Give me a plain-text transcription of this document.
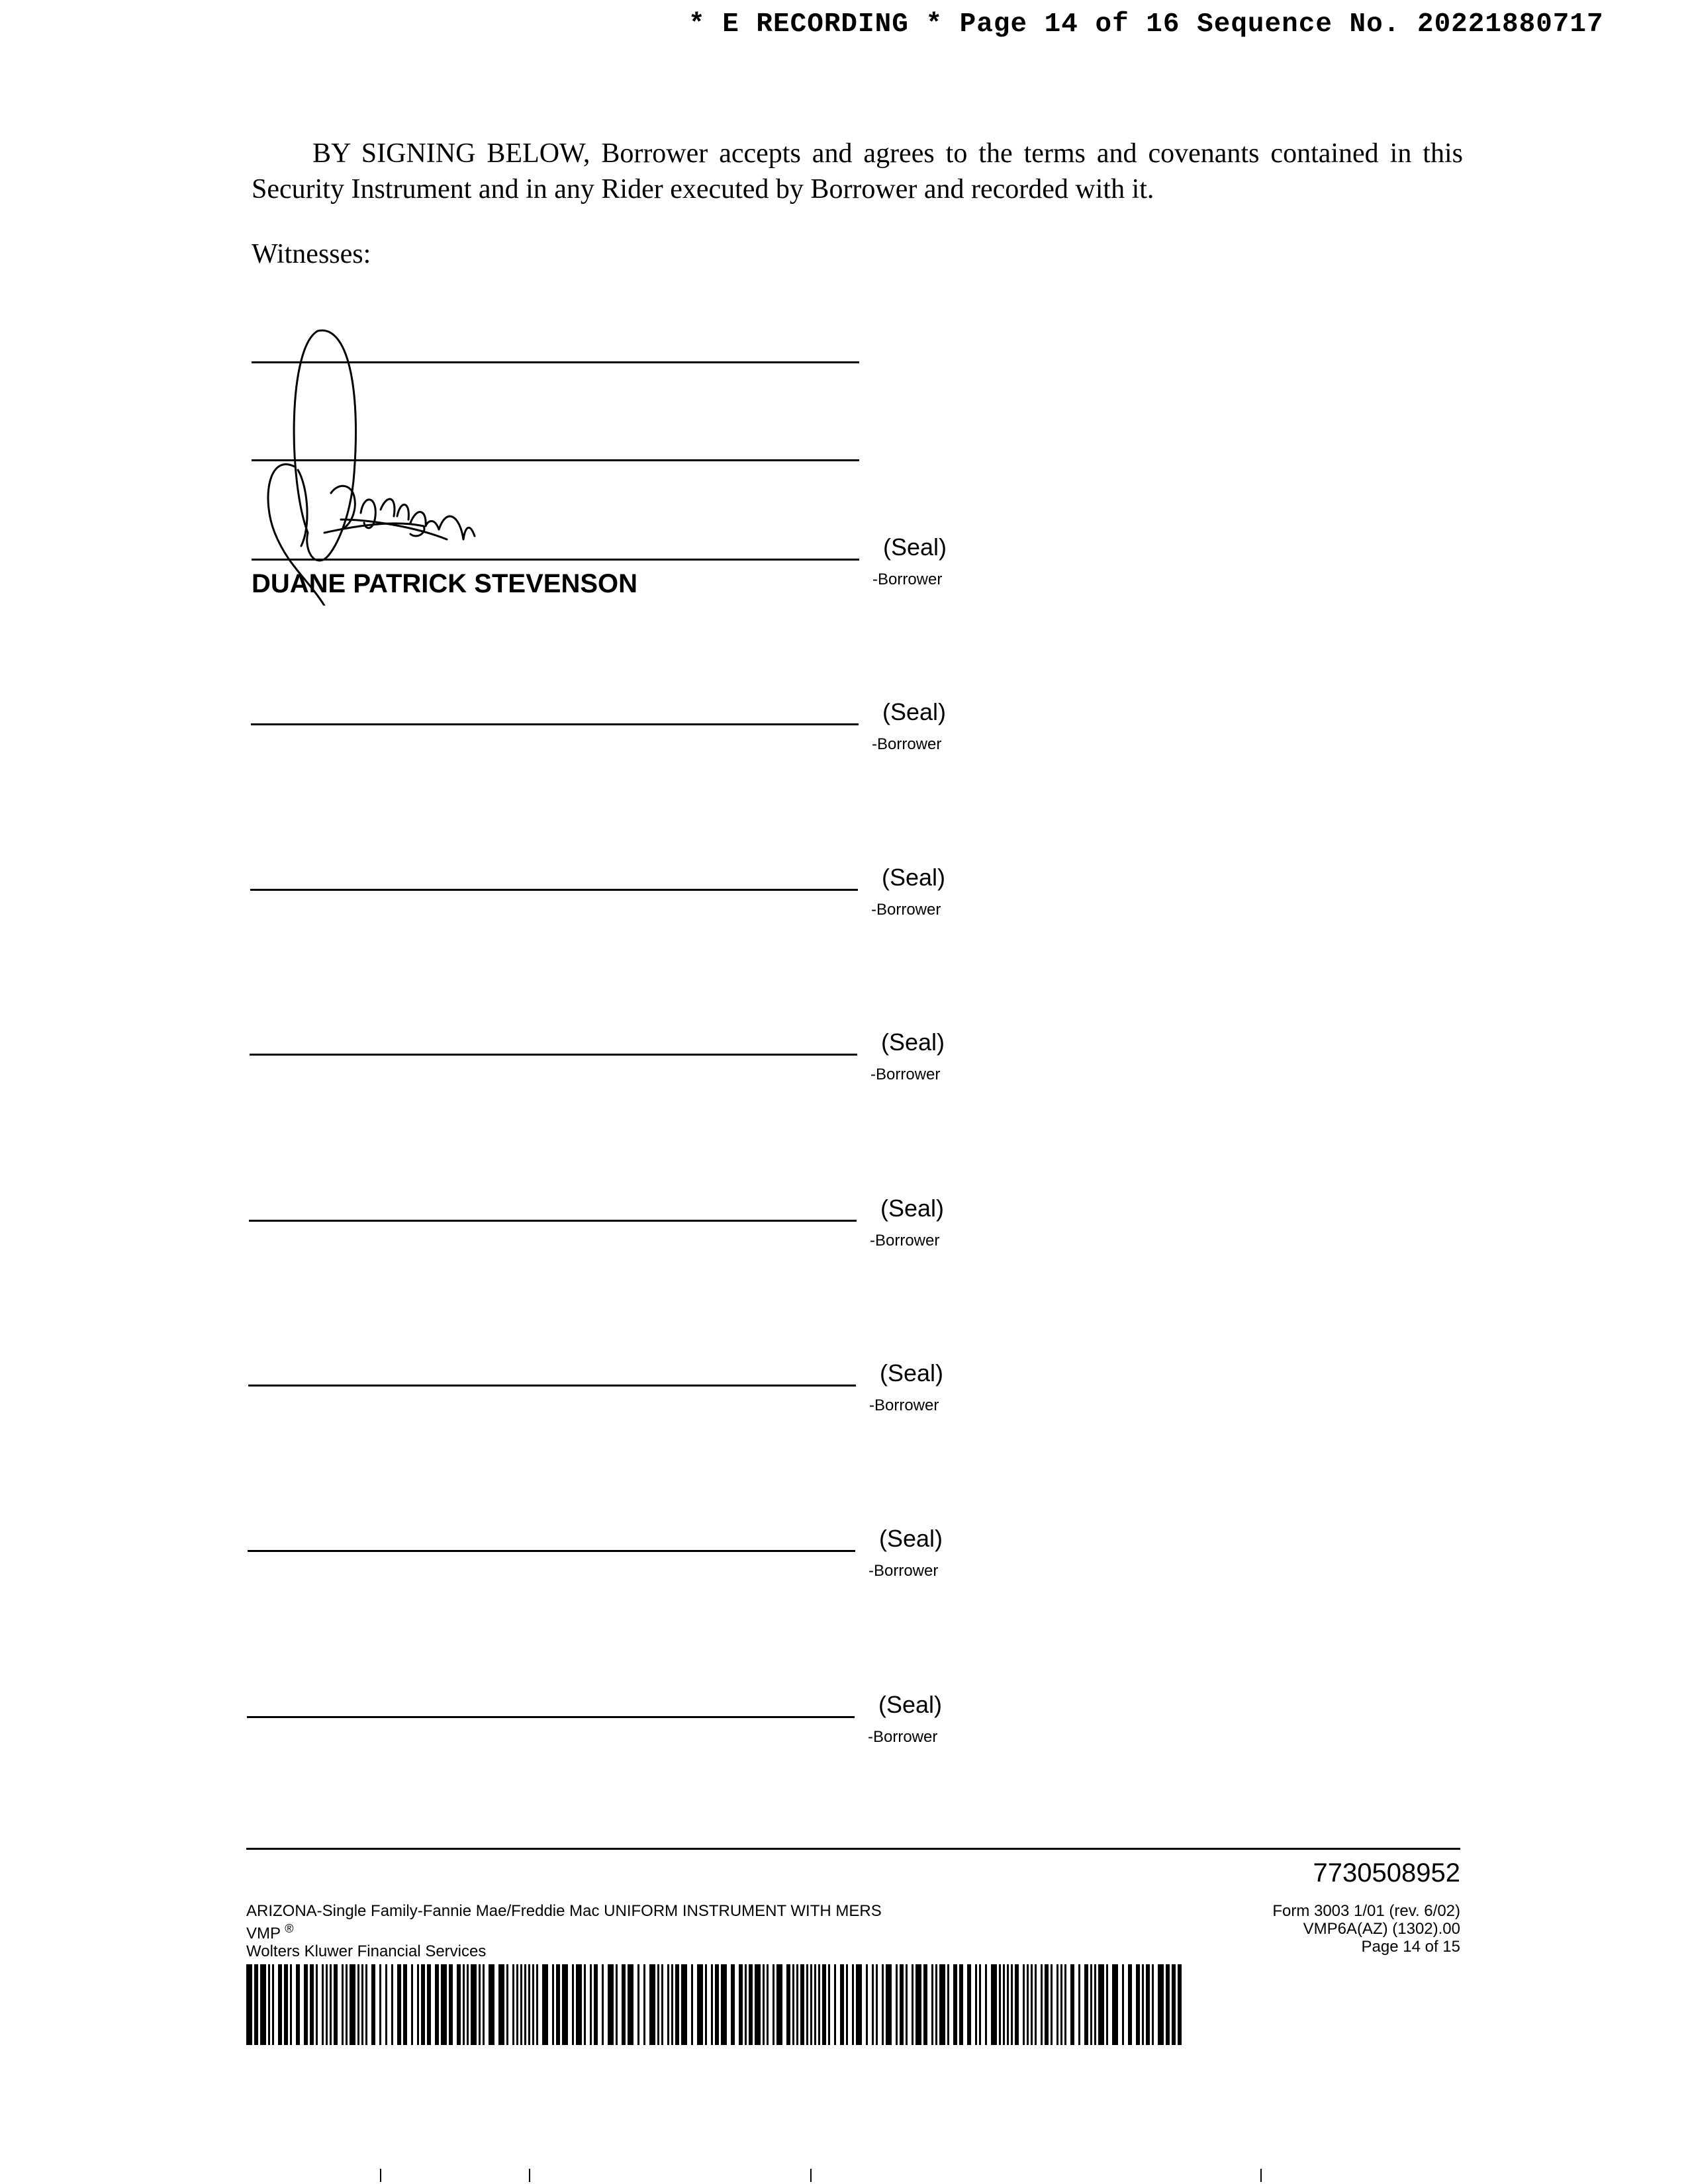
* E RECORDING * Page 14 of 16 Sequence No. 20221880717
BY SIGNING BELOW, Borrower accepts and agrees to the terms and covenants contained in this Security Instrument and in any Rider executed by Borrower and recorded with it.
Witnesses:
(Seal)
-Borrower
DUANE PATRICK STEVENSON
(Seal)
-Borrower
(Seal)
-Borrower
(Seal)
-Borrower
(Seal)
-Borrower
(Seal)
-Borrower
(Seal)
-Borrower
(Seal)
-Borrower
7730508952
ARIZONA-Single Family-Fannie Mae/Freddie Mac UNIFORM INSTRUMENT WITH MERS
VMP ®
Wolters Kluwer Financial Services
Form 3003 1/01 (rev. 6/02)
VMP6A(AZ) (1302).00
Page 14 of 15
